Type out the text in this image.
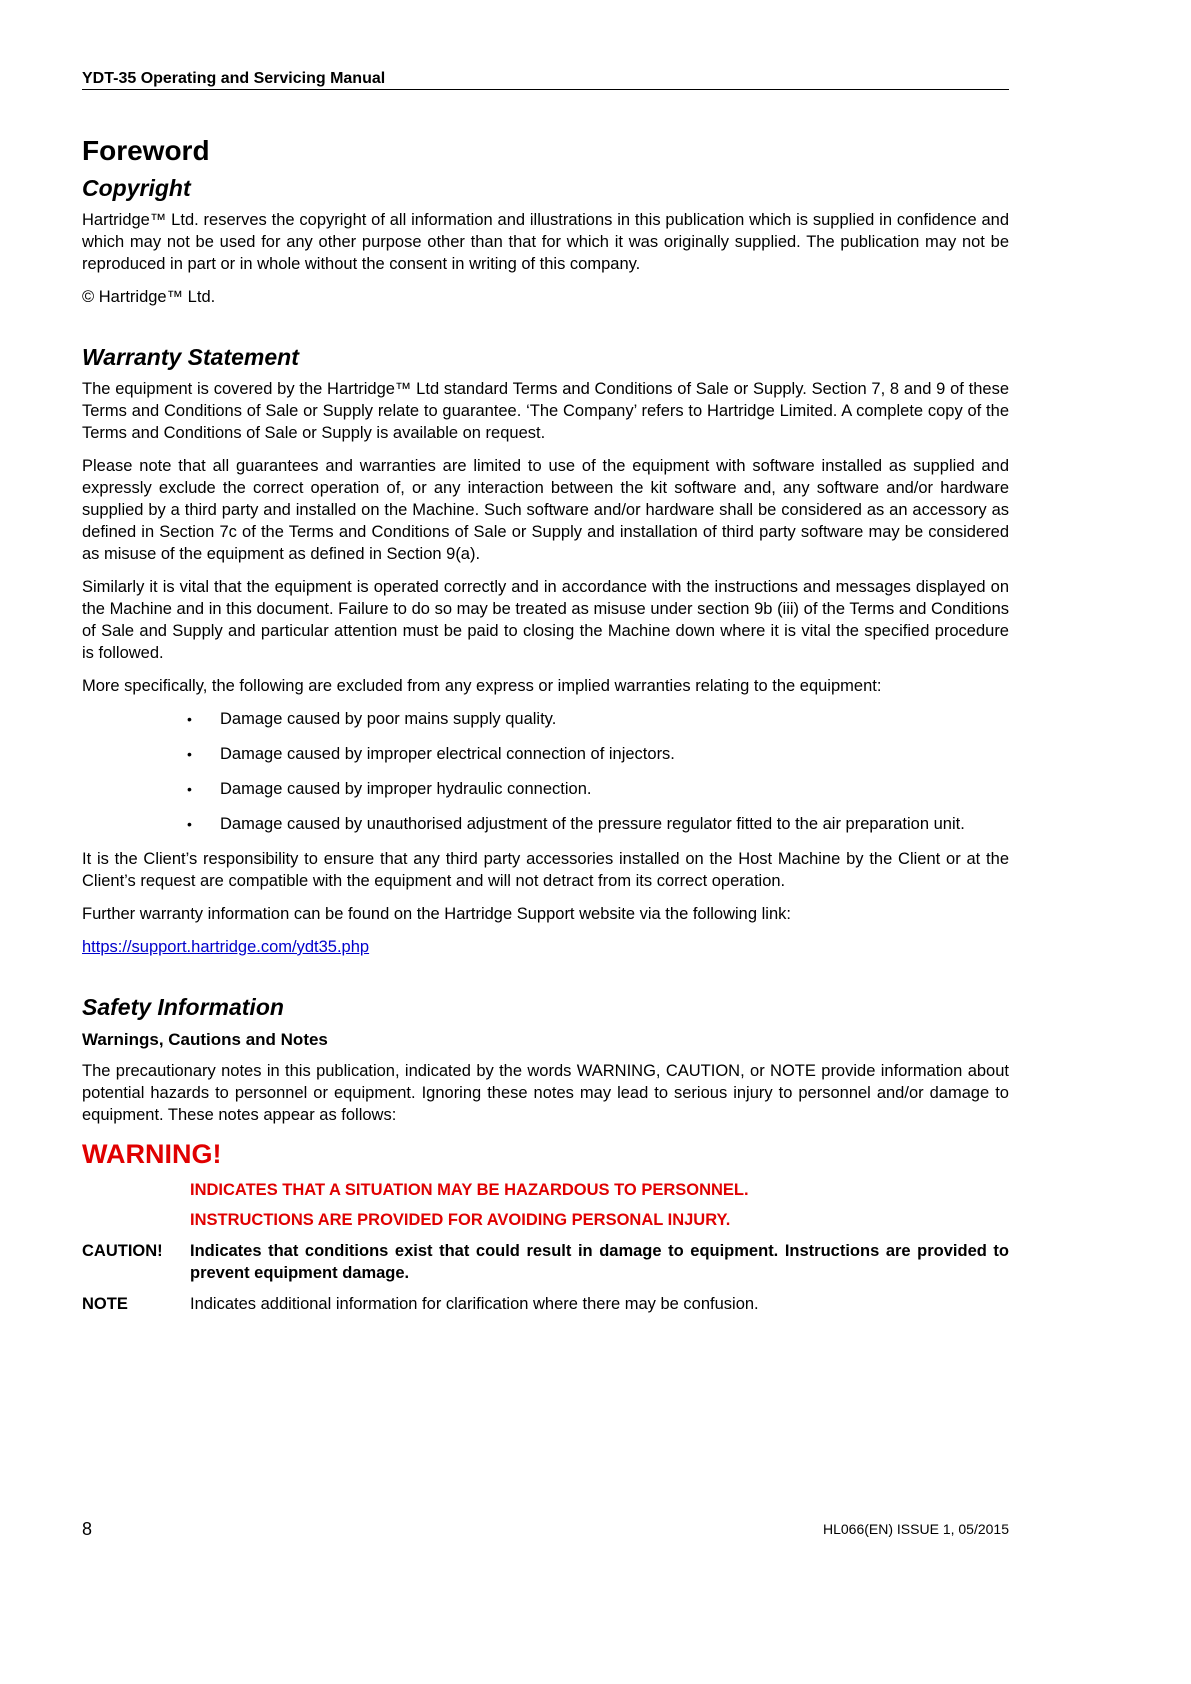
YDT-35 Operating and Servicing Manual
Foreword
Copyright

Hartridge™ Ltd. reserves the copyright of all information and illustrations in this publication which is supplied in confidence and which may not be used for any other purpose other than that for which it was originally supplied. The publication may not be reproduced in part or in whole without the consent in writing of this company.

© Hartridge™ Ltd.

Warranty Statement

The equipment is covered by the Hartridge™ Ltd standard Terms and Conditions of Sale or Supply. Section 7, 8 and 9 of these Terms and Conditions of Sale or Supply relate to guarantee. ‘The Company’ refers to Hartridge Limited. A complete copy of the Terms and Conditions of Sale or Supply is available on request.

Please note that all guarantees and warranties are limited to use of the equipment with software installed as supplied and expressly exclude the correct operation of, or any interaction between the kit software and, any software and/or hardware supplied by a third party and installed on the Machine. Such software and/or hardware shall be considered as an accessory as defined in Section 7c of the Terms and Conditions of Sale or Supply and installation of third party software may be considered as misuse of the equipment as defined in Section 9(a).

Similarly it is vital that the equipment is operated correctly and in accordance with the instructions and messages displayed on the Machine and in this document. Failure to do so may be treated as misuse under section 9b (iii) of the Terms and Conditions of Sale and Supply and particular attention must be paid to closing the Machine down where it is vital the specified procedure is followed.

More specifically, the following are excluded from any express or implied warranties relating to the equipment:

• Damage caused by poor mains supply quality.
• Damage caused by improper electrical connection of injectors.
• Damage caused by improper hydraulic connection.
• Damage caused by unauthorised adjustment of the pressure regulator fitted to the air preparation unit.

It is the Client’s responsibility to ensure that any third party accessories installed on the Host Machine by the Client or at the Client’s request are compatible with the equipment and will not detract from its correct operation.

Further warranty information can be found on the Hartridge Support website via the following link:

https://support.hartridge.com/ydt35.php
Safety Information
Warnings, Cautions and Notes

The precautionary notes in this publication, indicated by the words WARNING, CAUTION, or NOTE provide information about potential hazards to personnel or equipment. Ignoring these notes may lead to serious injury to personnel and/or damage to equipment. These notes appear as follows:

WARNING!
INDICATES THAT A SITUATION MAY BE HAZARDOUS TO PERSONNEL.
INSTRUCTIONS ARE PROVIDED FOR AVOIDING PERSONAL INJURY.
CAUTION!	Indicates that conditions exist that could result in damage to equipment. Instructions are provided to prevent equipment damage.
NOTE	Indicates additional information for clarification where there may be confusion.
8	HL066(EN) ISSUE 1, 05/2015
